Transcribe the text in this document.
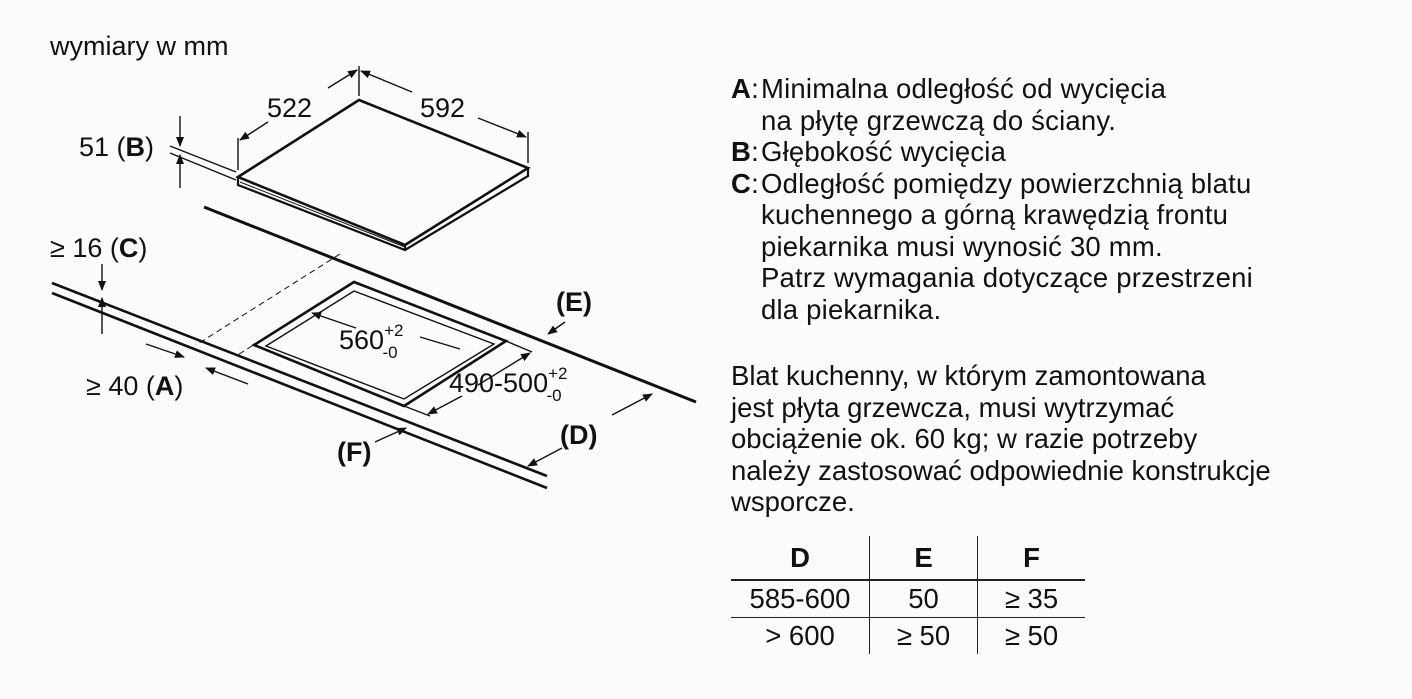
wymiary w mm
522	592
51 (B)
≥ 16 (C)
≥ 40 (A)
$560^{+2}$ -0
$490-500^{+2}$ -0
(E)
(D)
(F)
A: Minimalna odległość od wycięcia
na płytę grzewczą do ściany.
B: Głębokość wycięcia
C: Odległość pomiędzy powierzchnią blatu
kuchennego a górną krawędzią frontu
piekarnika musi wynosić 30 mm.
Patrz wymagania dotyczące przestrzeni
dla piekarnika.
Blat kuchenny, w którym zamontowana
jest płyta grzewcza, musi wytrzymać
obciążenie ok. 60 kg; w razie potrzeby
należy zastosować odpowiednie konstrukcje
wsporcze.
D	E	F
585-600	50	≥ 35
> 600	≥ 50	≥ 50
